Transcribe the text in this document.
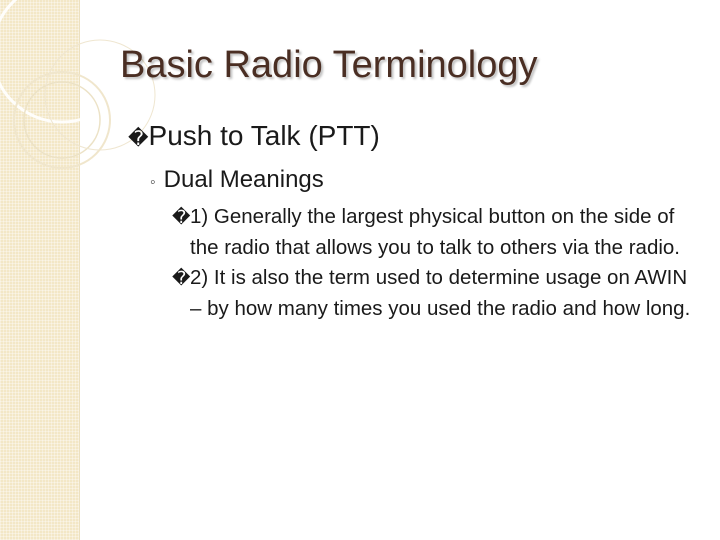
Basic Radio Terminology
�Push to Talk (PTT)
◦ Dual Meanings
� 1) Generally the largest physical button on the side of the radio that allows you to talk to others via the radio.
� 2) It is also the term used to determine usage on AWIN – by how many times you used the radio and how long.
